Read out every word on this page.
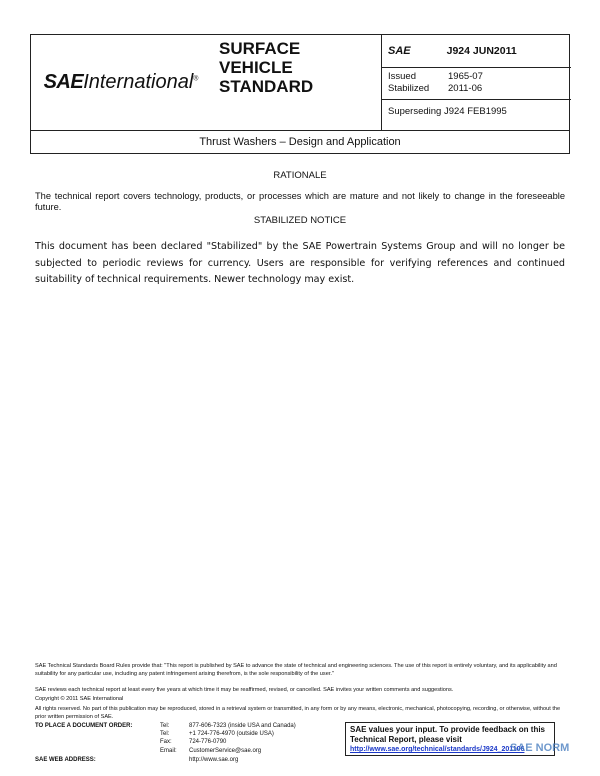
SAEInternational®
SURFACE
VEHICLE
STANDARD
SAE	J924 JUN2011
Issued	1965-07
Stabilized 2011-06
Superseding J924 FEB1995
Thrust Washers – Design and Application
RATIONALE
The technical report covers technology, products, or processes which are mature and not likely to change in the foreseeable future.
STABILIZED NOTICE
This document has been declared "Stabilized" by the SAE Powertrain Systems Group and will no longer be subjected to periodic reviews for currency. Users are responsible for verifying references and continued suitability of technical requirements. Newer technology may exist.
SAE Technical Standards Board Rules provide that: "This report is published by SAE to advance the state of technical and engineering sciences. The use of this report is entirely voluntary, and its applicability and suitability for any particular use, including any patent infringement arising therefrom, is the sole responsibility of the user."
SAE reviews each technical report at least every five years at which time it may be reaffirmed, revised, or cancelled. SAE invites your written comments and suggestions.
Copyright © 2011 SAE International
All rights reserved. No part of this publication may be reproduced, stored in a retrieval system or transmitted, in any form or by any means, electronic, mechanical, photocopying, recording, or otherwise, without the prior written permission of SAE.
TO PLACE A DOCUMENT ORDER:
SAE WEB ADDRESS:
Tel:	877-606-7323 (inside USA and Canada)
Tel:	+1 724-776-4970 (outside USA)
Fax:	724-776-0790
Email: CustomerService@sae.org
http://www.sae.org
SAE values your input. To provide feedback on this Technical Report, please visit
http://www.sae.org/technical/standards/J924_201106
SAE NORM
